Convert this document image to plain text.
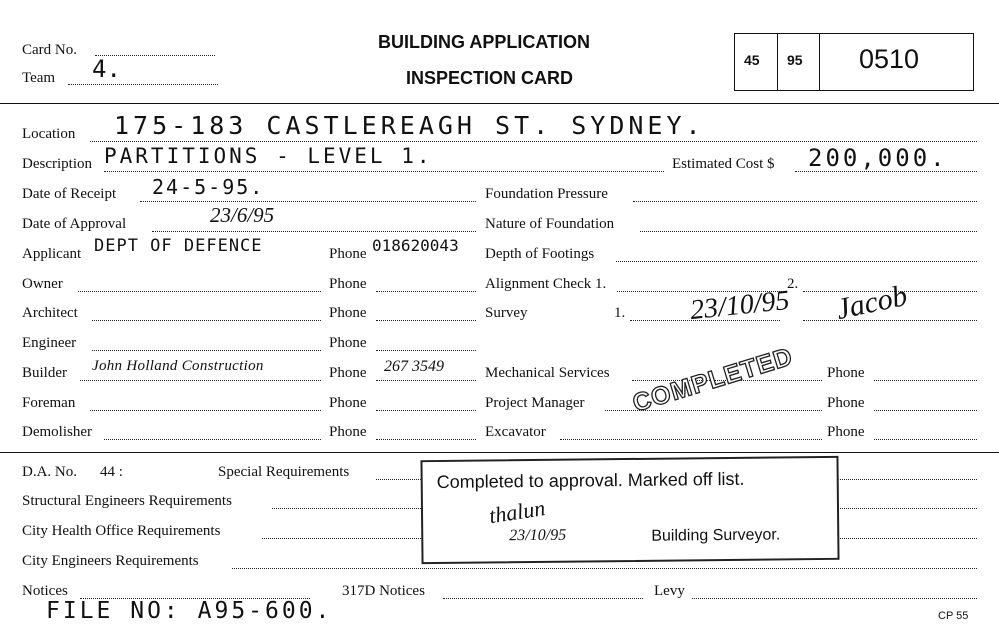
Card No.
Team 4.
BUILDING APPLICATION
INSPECTION CARD
45 95 0510
Location 175-183 CASTLEREAGH ST. SYDNEY.
Description PARTITIONS - LEVEL 1.	Estimated Cost $ 200,000.
Date of Receipt 24-5-95.
Date of Approval	23/6/95
Applicant DEPT OF DEFENCE	Phone 018620043
Owner	Phone
Architect	Phone
Engineer	Phone
Builder John Holland Construction	Phone 267 3549
Foreman	Phone
Demolisher	Phone
Foundation Pressure
Nature of Foundation
Depth of Footings
Alignment Check 1.	2.
Survey	1. 23/10/95 Jacob
Mechanical Services	Phone
Project Manager	Phone
Excavator	Phone
COMPLETED
D.A. No. 44 :	Special Requirements
Structural Engineers Requirements
City Health Office Requirements
City Engineers Requirements
Notices	317D Notices	Levy
FILE NO: A95-600.	CP 55
Completed to approval. Marked off list.
thalun
23/10/95	Building Surveyor.
